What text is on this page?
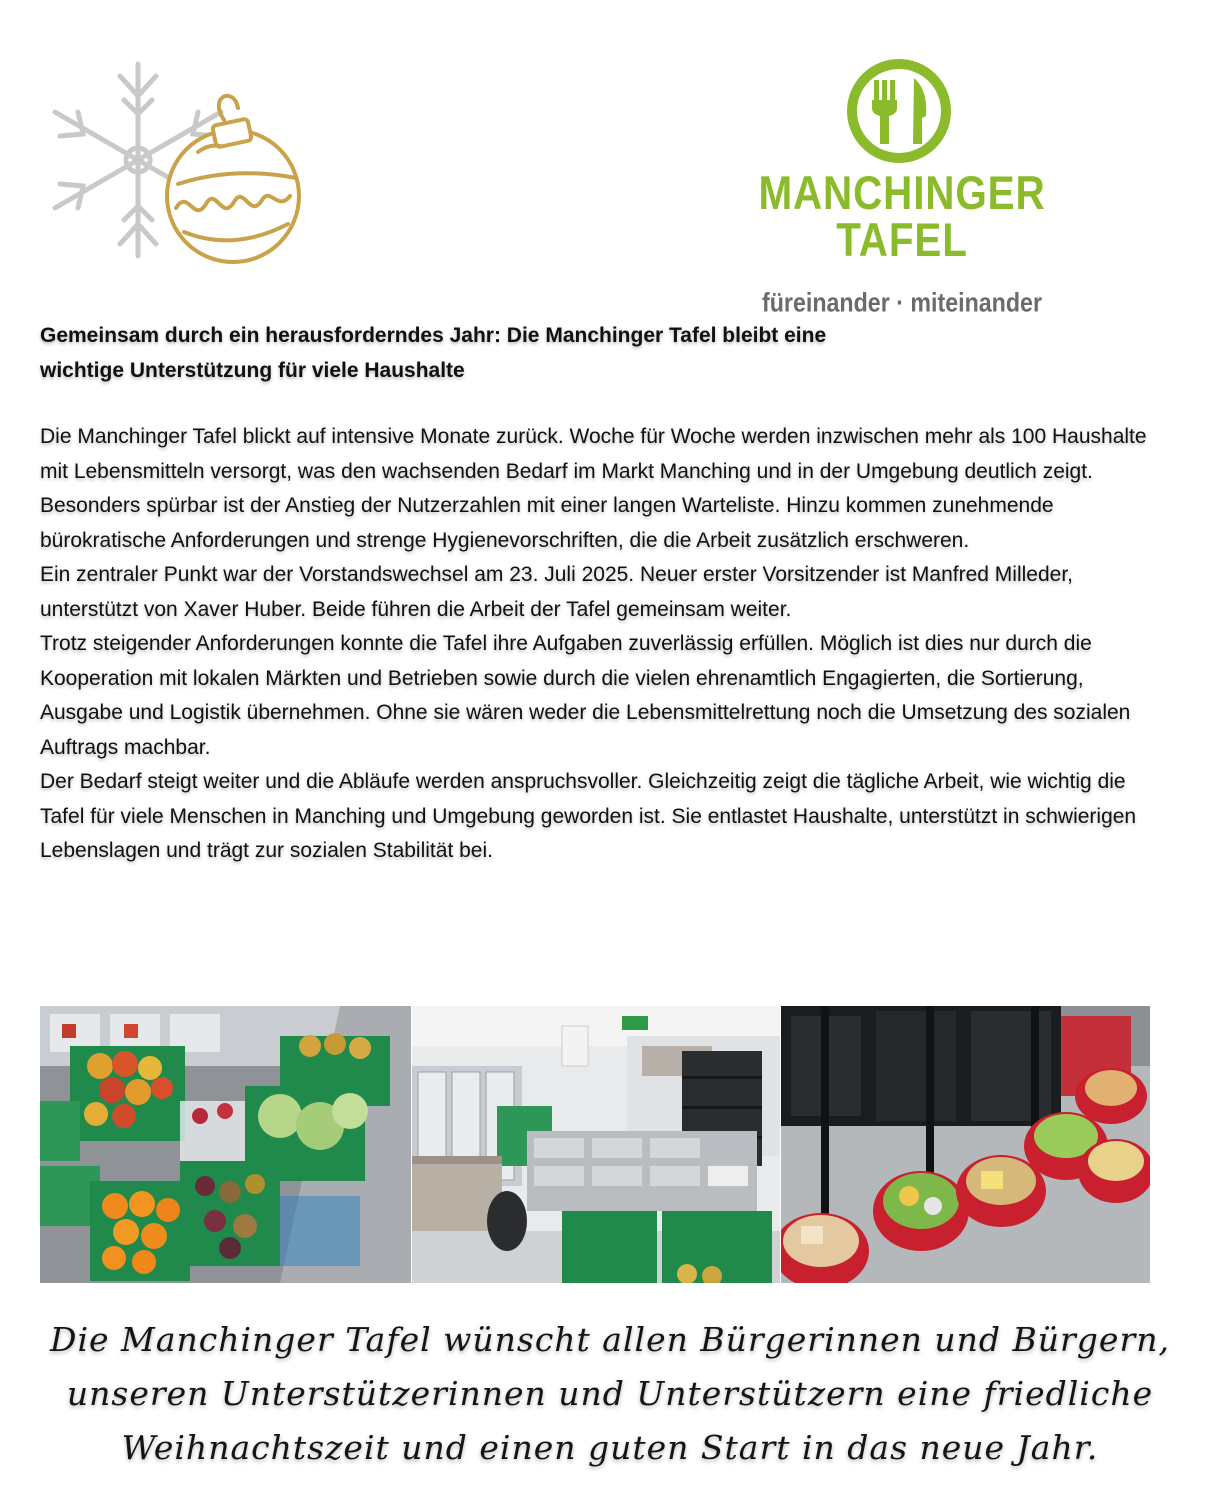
MANCHINGER TAFEL
füreinander · miteinander
Gemeinsam durch ein herausforderndes Jahr: Die Manchinger Tafel bleibt eine
wichtige Unterstützung für viele Haushalte

Die Manchinger Tafel blickt auf intensive Monate zurück. Woche für Woche werden inzwischen mehr als 100 Haushalte mit Lebensmitteln versorgt, was den wachsenden Bedarf im Markt Manching und in der Umgebung deutlich zeigt. Besonders spürbar ist der Anstieg der Nutzerzahlen mit einer langen Warteliste. Hinzu kommen zunehmende bürokratische Anforderungen und strenge Hygienevorschriften, die die Arbeit zusätzlich erschweren.

Ein zentraler Punkt war der Vorstandswechsel am 23. Juli 2025. Neuer erster Vorsitzender ist Manfred Milleder, unterstützt von Xaver Huber. Beide führen die Arbeit der Tafel gemeinsam weiter.

Trotz steigender Anforderungen konnte die Tafel ihre Aufgaben zuverlässig erfüllen. Möglich ist dies nur durch die Kooperation mit lokalen Märkten und Betrieben sowie durch die vielen ehrenamtlich Engagierten, die Sortierung, Ausgabe und Logistik übernehmen. Ohne sie wären weder die Lebensmittelrettung noch die Umsetzung des sozialen Auftrags machbar.

Der Bedarf steigt weiter und die Abläufe werden anspruchsvoller. Gleichzeitig zeigt die tägliche Arbeit, wie wichtig die Tafel für viele Menschen in Manching und Umgebung geworden ist. Sie entlastet Haushalte, unterstützt in schwierigen Lebenslagen und trägt zur sozialen Stabilität bei.

Die Manchinger Tafel wünscht allen Bürgerinnen und Bürgern,

unseren Unterstützerinnen und Unterstützern eine friedliche

Weihnachtszeit und einen guten Start in das neue Jahr.
